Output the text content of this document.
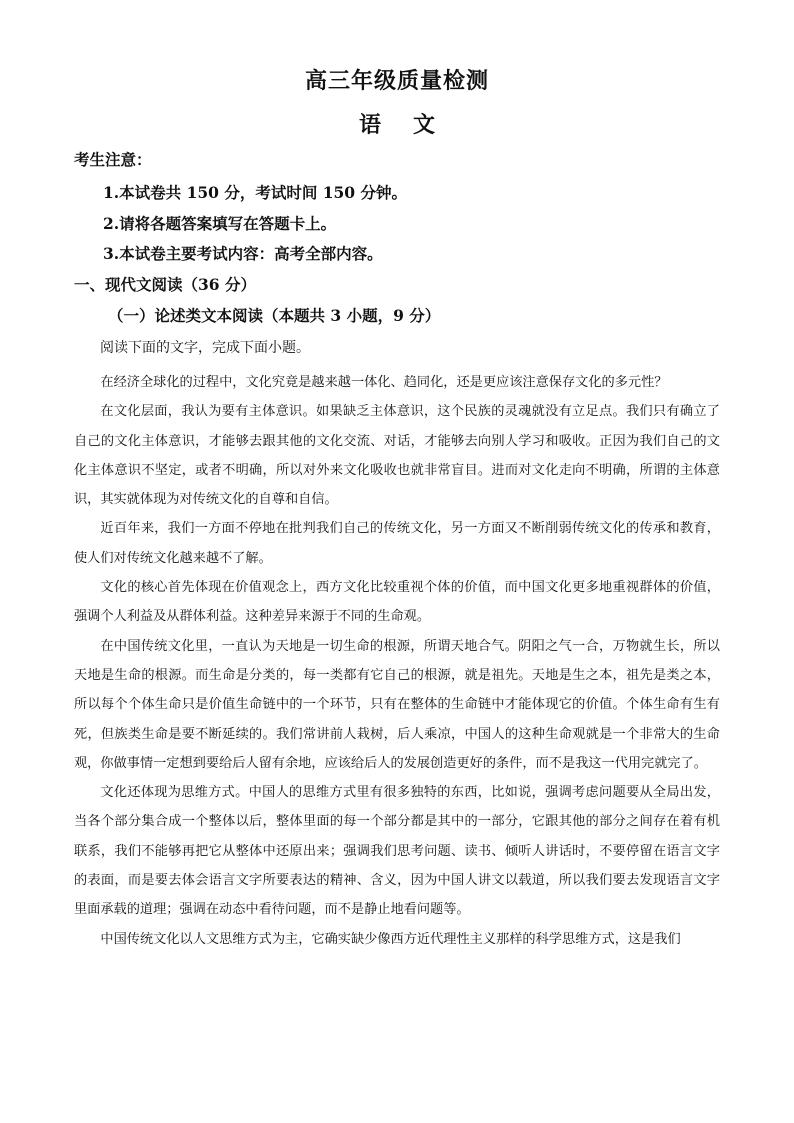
高三年级质量检测
语 文
考生注意：
1.本试卷共 150 分，考试时间 150 分钟。
2.请将各题答案填写在答题卡上。
3.本试卷主要考试内容：高考全部内容。
一、现代文阅读（36 分）
（一）论述类文本阅读（本题共 3 小题，9 分）
阅读下面的文字，完成下面小题。

在经济全球化的过程中，文化究竟是越来越一体化、趋同化，还是更应该注意保存文化的多元性？

在文化层面，我认为要有主体意识。如果缺乏主体意识，这个民族的灵魂就没有立足点。我们只有确立了自己的文化主体意识，才能够去跟其他的文化交流、对话，才能够去向别人学习和吸收。正因为我们自己的文化主体意识不坚定，或者不明确，所以对外来文化吸收也就非常盲目。进而对文化走向不明确，所谓的主体意识，其实就体现为对传统文化的自尊和自信。

近百年来，我们一方面不停地在批判我们自己的传统文化，另一方面又不断削弱传统文化的传承和教育，使人们对传统文化越来越不了解。

文化的核心首先体现在价值观念上，西方文化比较重视个体的价值，而中国文化更多地重视群体的价值，强调个人利益及从群体利益。这种差异来源于不同的生命观。

在中国传统文化里，一直认为天地是一切生命的根源，所谓天地合气。阴阳之气一合，万物就生长，所以天地是生命的根源。而生命是分类的，每一类都有它自己的根源，就是祖先。天地是生之本，祖先是类之本，所以每个个体生命只是价值生命链中的一个环节，只有在整体的生命链中才能体现它的价值。个体生命有生有死，但族类生命是要不断延续的。我们常讲前人栽树，后人乘凉，中国人的这种生命观就是一个非常大的生命观，你做事情一定想到要给后人留有余地，应该给后人的发展创造更好的条件，而不是我这一代用完就完了。

文化还体现为思维方式。中国人的思维方式里有很多独特的东西，比如说，强调考虑问题要从全局出发，当各个部分集合成一个整体以后，整体里面的每一个部分都是其中的一部分，它跟其他的部分之间存在着有机联系，我们不能够再把它从整体中还原出来；强调我们思考问题、读书、倾听人讲话时，不要停留在语言文字的表面，而是要去体会语言文字所要表达的精神、含义，因为中国人讲文以载道，所以我们要去发现语言文字里面承载的道理；强调在动态中看待问题，而不是静止地看问题等。

中国传统文化以人文思维方式为主，它确实缺少像西方近代理性主义那样的科学思维方式，这是我们
